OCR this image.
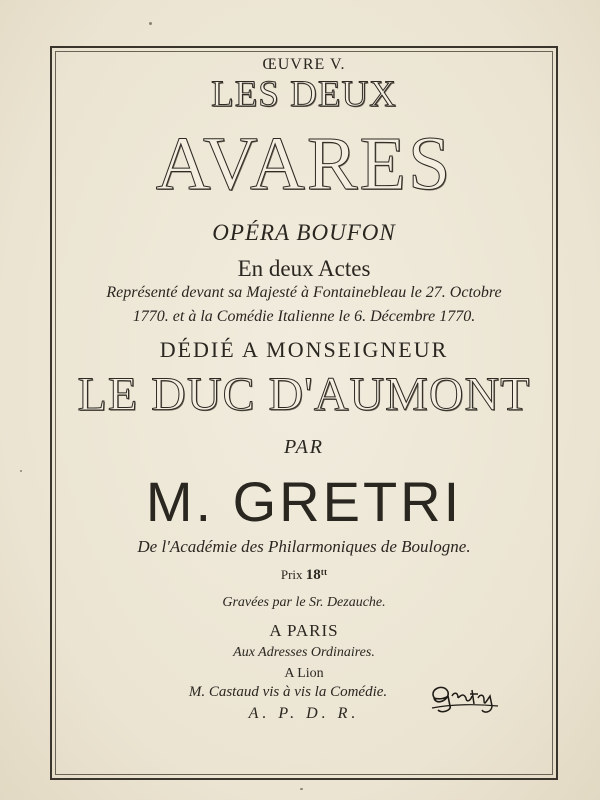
ŒUVRE V.
LES DEUX
AVARES
OPÉRA BOUFON
En deux Actes
Représenté devant sa Majesté à Fontainebleau le 27. Octobre
1770. et à la Comédie Italienne le 6. Décembre 1770.
DÉDIÉ A MONSEIGNEUR
LE DUC D'AUMONT
PAR
M. GRETRI
De l'Académie des Philarmoniques de Boulogne.
Prix 18ᵗᵗ
Gravées par le Sr. Dezauche.
A PARIS
Aux Adresses Ordinaires.
A Lion
M. Castaud vis à vis la Comédie.
A. P. D. R.
